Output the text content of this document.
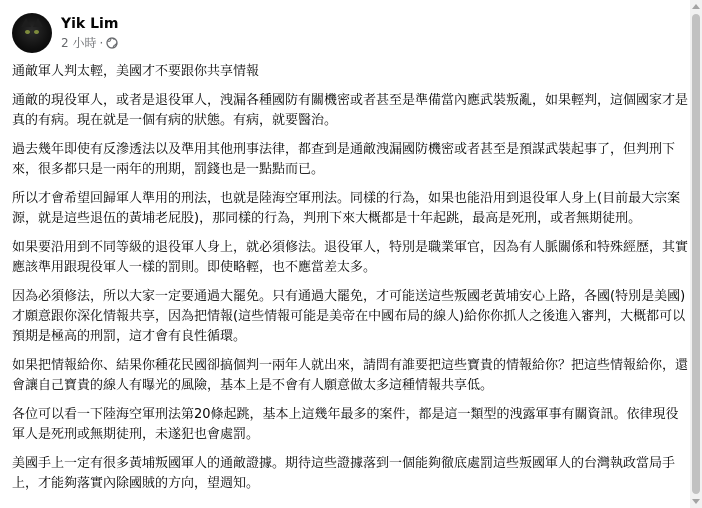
Yik Lim
2 小時 ·

通敵軍人判太輕，美國才不要跟你共享情報

通敵的現役軍人，或者是退役軍人，洩漏各種國防有關機密或者甚至是準備當內應武裝叛亂，如果輕判，這個國家才是真的有病。現在就是一個有病的狀態。有病，就要醫治。

過去幾年即使有反滲透法以及準用其他刑事法律，都查到是通敵洩漏國防機密或者甚至是預謀武裝起事了，但判刑下來，很多都只是一兩年的刑期，罰錢也是一點點而已。

所以才會希望回歸軍人準用的刑法，也就是陸海空軍刑法。同樣的行為，如果也能沿用到退役軍人身上(目前最大宗案源，就是這些退伍的黃埔老屁股)，那同樣的行為，判刑下來大概都是十年起跳，最高是死刑，或者無期徒刑。

如果要沿用到不同等級的退役軍人身上，就必須修法。退役軍人，特別是職業軍官，因為有人脈關係和特殊經歷，其實應該準用跟現役軍人一樣的罰則。即使略輕，也不應當差太多。

因為必須修法，所以大家一定要通過大罷免。只有通過大罷免，才可能送這些叛國老黃埔安心上路，各國(特別是美國)才願意跟你深化情報共享，因為把情報(這些情報可能是美帝在中國布局的線人)給你你抓人之後進入審判，大概都可以預期是極高的刑罰，這才會有良性循環。

如果把情報給你、結果你種花民國卻搞個判一兩年人就出來，請問有誰要把這些寶貴的情報給你？把這些情報給你，還會讓自己寶貴的線人有曝光的風險，基本上是不會有人願意做太多這種情報共享低。

各位可以看一下陸海空軍刑法第20條起跳，基本上這幾年最多的案件，都是這一類型的洩露軍事有關資訊。依律現役軍人是死刑或無期徒刑，未遂犯也會處罰。

美國手上一定有很多黃埔叛國軍人的通敵證據。期待這些證據落到一個能夠徹底處罰這些叛國軍人的台灣執政當局手上，才能夠落實內除國賊的方向，望週知。
